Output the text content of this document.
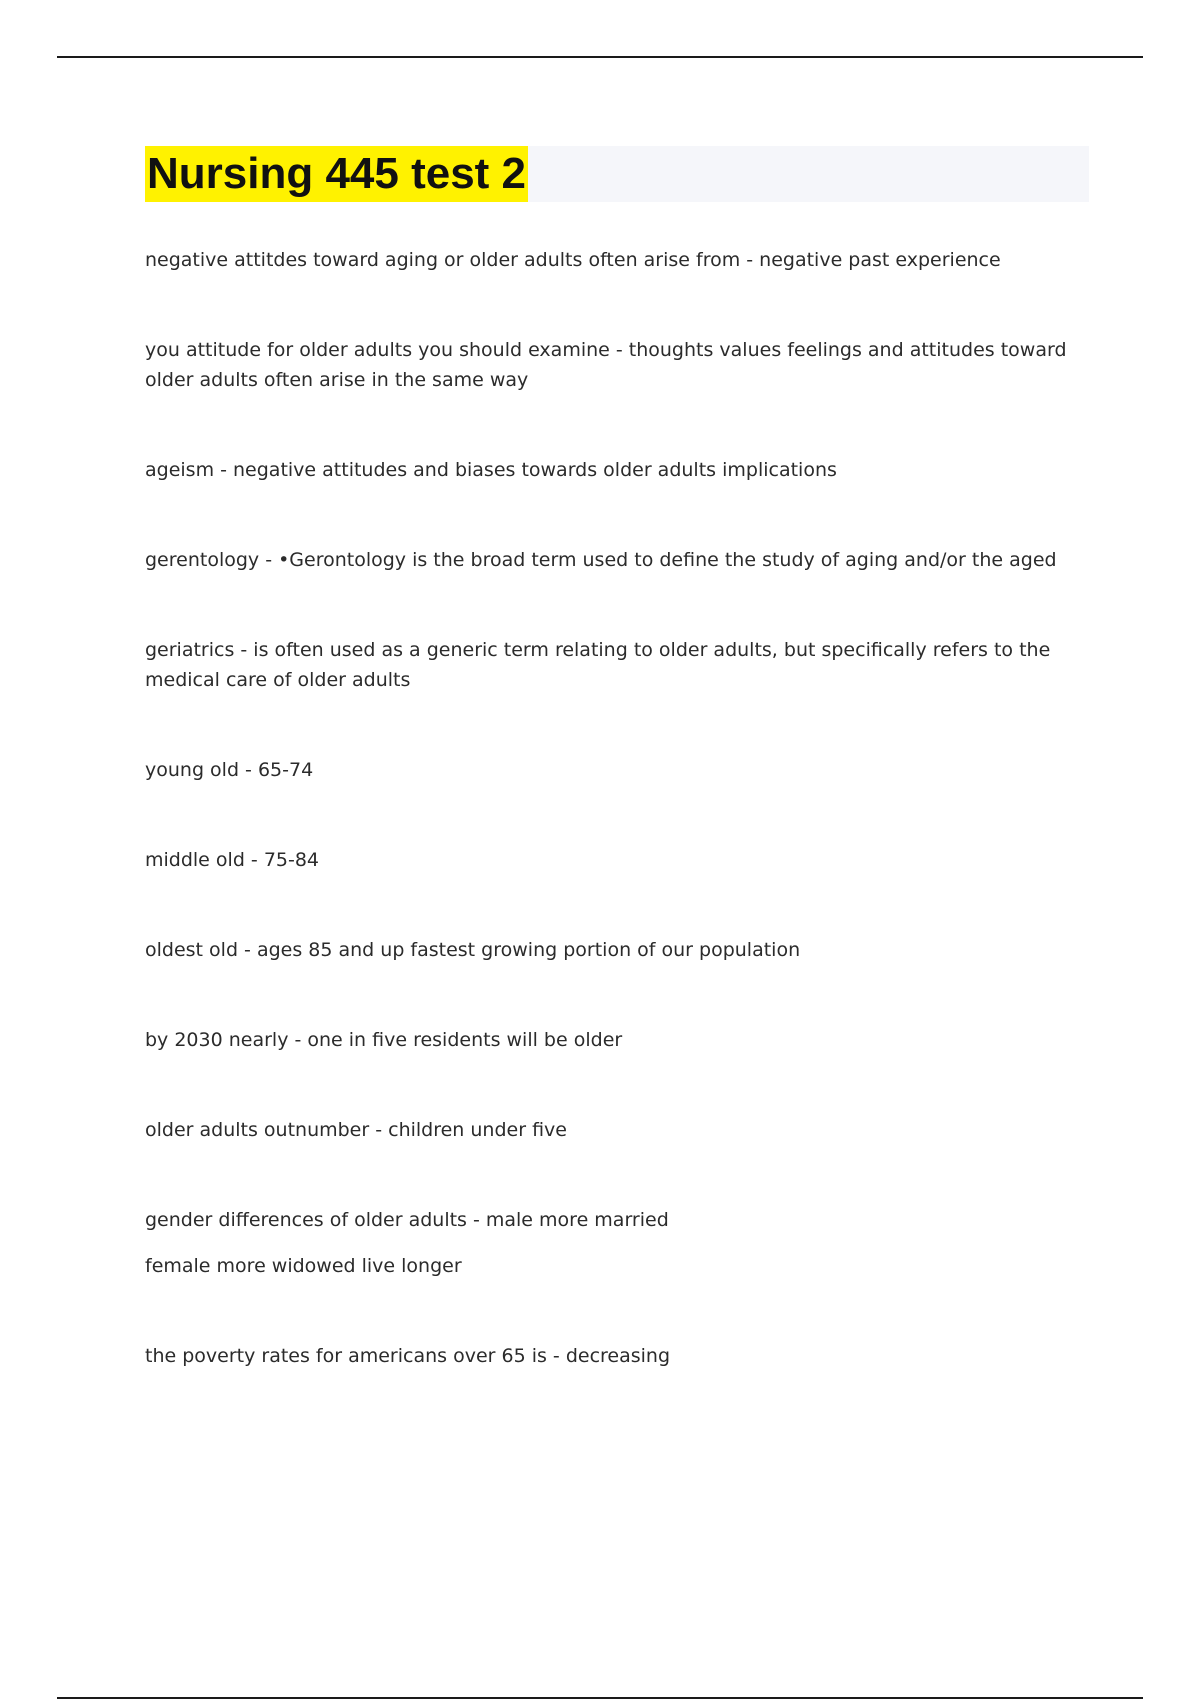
Nursing 445 test 2

negative attitdes toward aging or older adults often arise from - negative past experience

you attitude for older adults you should examine - thoughts values feelings and attitudes toward older adults often arise in the same way

ageism - negative attitudes and biases towards older adults implications

gerentology - •Gerontology is the broad term used to define the study of aging and/or the aged

geriatrics - is often used as a generic term relating to older adults, but specifically refers to the medical care of older adults

young old - 65-74

middle old - 75-84

oldest old - ages 85 and up fastest growing portion of our population

by 2030 nearly - one in five residents will be older

older adults outnumber - children under five

gender differences of older adults - male more married
female more widowed live longer

the poverty rates for americans over 65 is - decreasing
